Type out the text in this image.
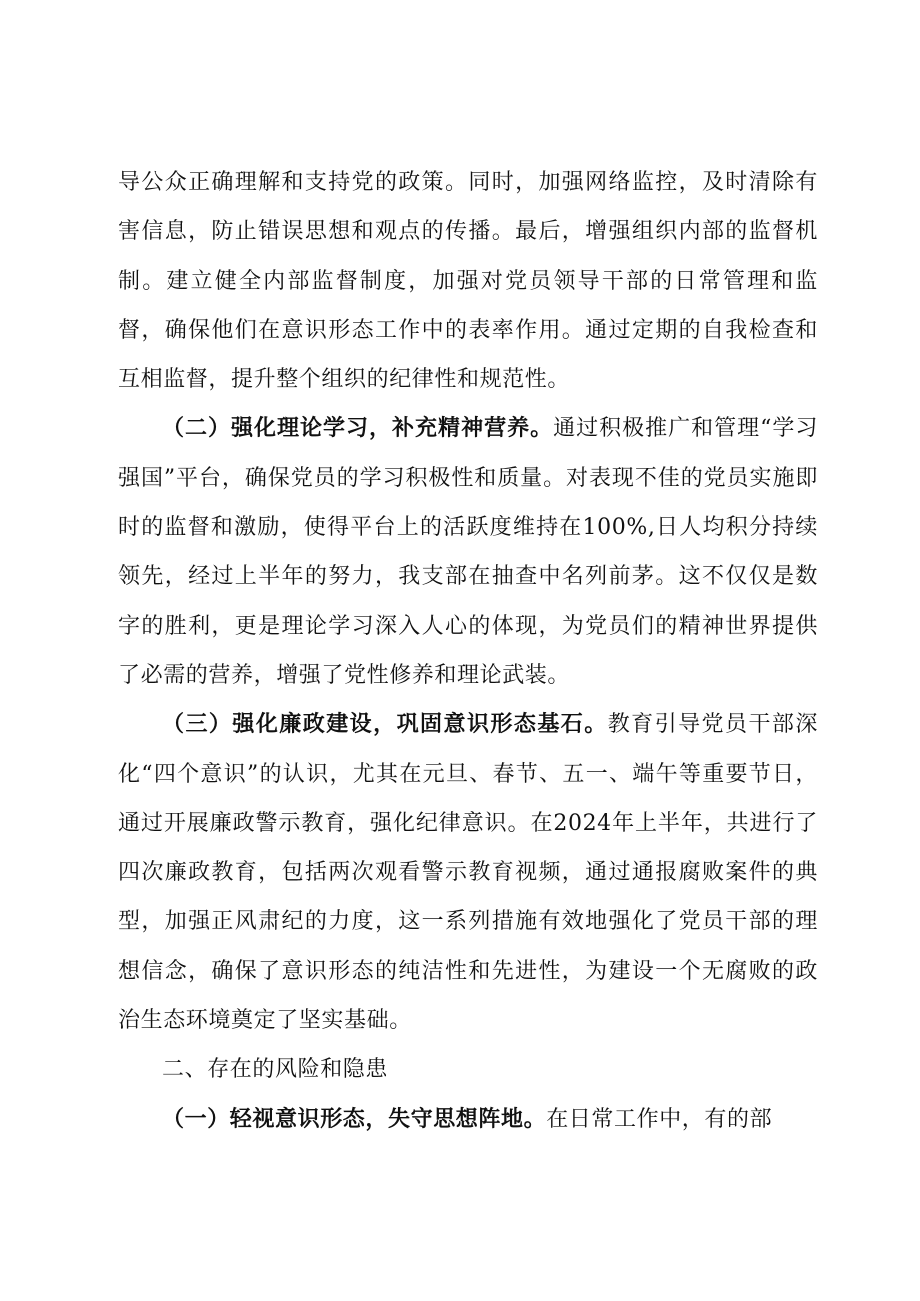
导公众正确理解和支持党的政策。同时，加强网络监控，及时清除有害信息，防止错误思想和观点的传播。最后，增强组织内部的监督机制。建立健全内部监督制度，加强对党员领导干部的日常管理和监督，确保他们在意识形态工作中的表率作用。通过定期的自我检查和互相监督，提升整个组织的纪律性和规范性。

（二）强化理论学习，补充精神营养。通过积极推广和管理“学习强国”平台，确保党员的学习积极性和质量。对表现不佳的党员实施即时的监督和激励，使得平台上的活跃度维持在100%,日人均积分持续领先，经过上半年的努力，我支部在抽查中名列前茅。这不仅仅是数字的胜利，更是理论学习深入人心的体现，为党员们的精神世界提供了必需的营养，增强了党性修养和理论武装。

（三）强化廉政建设，巩固意识形态基石。教育引导党员干部深化“四个意识”的认识，尤其在元旦、春节、五一、端午等重要节日，通过开展廉政警示教育，强化纪律意识。在2024年上半年，共进行了四次廉政教育，包括两次观看警示教育视频，通过通报腐败案件的典型，加强正风肃纪的力度，这一系列措施有效地强化了党员干部的理想信念，确保了意识形态的纯洁性和先进性，为建设一个无腐败的政治生态环境奠定了坚实基础。

二、存在的风险和隐患

（一）轻视意识形态，失守思想阵地。在日常工作中，有的部
